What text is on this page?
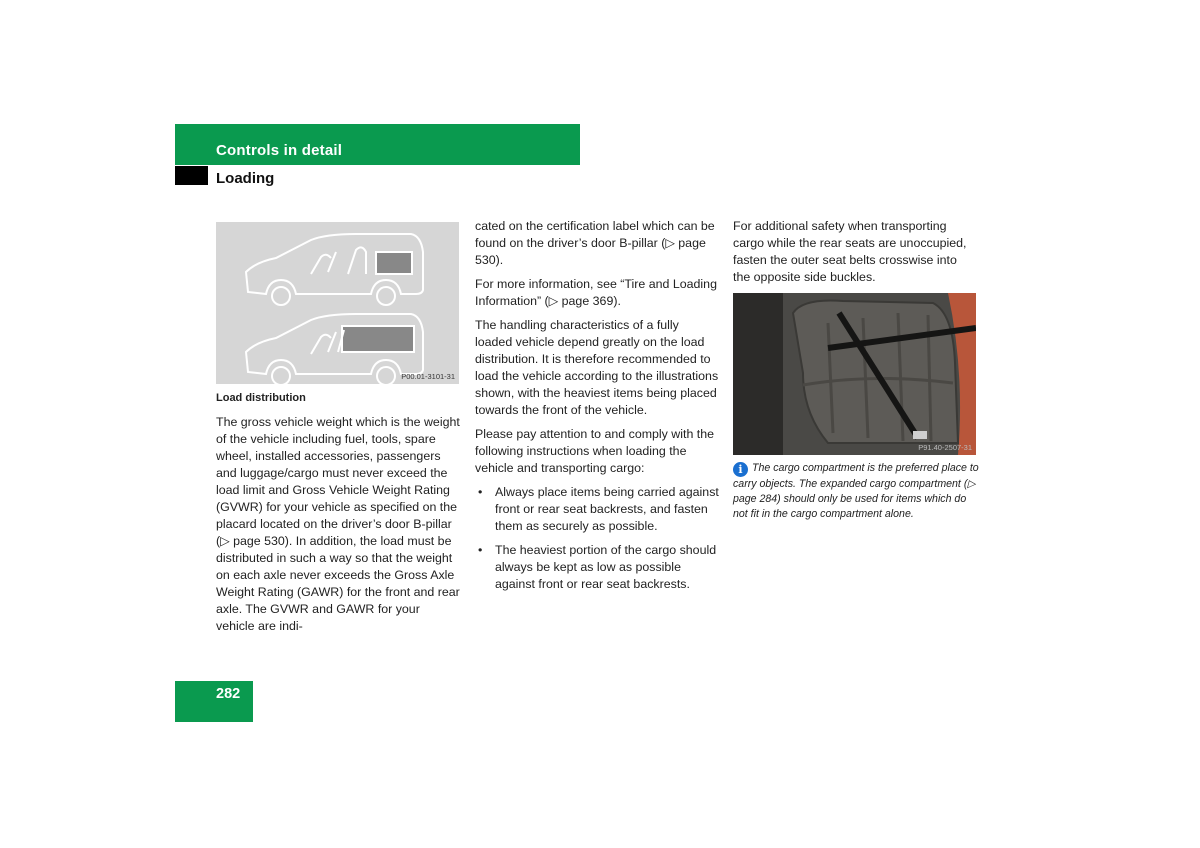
Controls in detail
Loading
P00.01-3101-31

Load distribution

The gross vehicle weight which is the weight of the vehicle including fuel, tools, spare wheel, installed accessories, passengers and luggage/cargo must never exceed the load limit and Gross Vehicle Weight Rating (GVWR) for your vehicle as specified on the placard located on the driver’s door B-pillar (▷ page 530). In addition, the load must be distributed in such a way so that the weight on each axle never exceeds the Gross Axle Weight Rating (GAWR) for the front and rear axle. The GVWR and GAWR for your vehicle are indi-

cated on the certification label which can be found on the driver’s door B-pillar (▷ page 530).

For more information, see “Tire and Loading Information” (▷ page 369).

The handling characteristics of a fully loaded vehicle depend greatly on the load distribution. It is therefore recommended to load the vehicle according to the illustrations shown, with the heaviest items being placed towards the front of the vehicle.

Please pay attention to and comply with the following instructions when loading the vehicle and transporting cargo:

• Always place items being carried against front or rear seat backrests, and fasten them as securely as possible.
• The heaviest portion of the cargo should always be kept as low as possible against front or rear seat backrests.

For additional safety when transporting cargo while the rear seats are unoccupied, fasten the outer seat belts crosswise into the opposite side buckles.

P91.40-2507-31
i The cargo compartment is the preferred place to carry objects. The expanded cargo compartment (▷ page 284) should only be used for items which do not fit in the cargo compartment alone.
282
